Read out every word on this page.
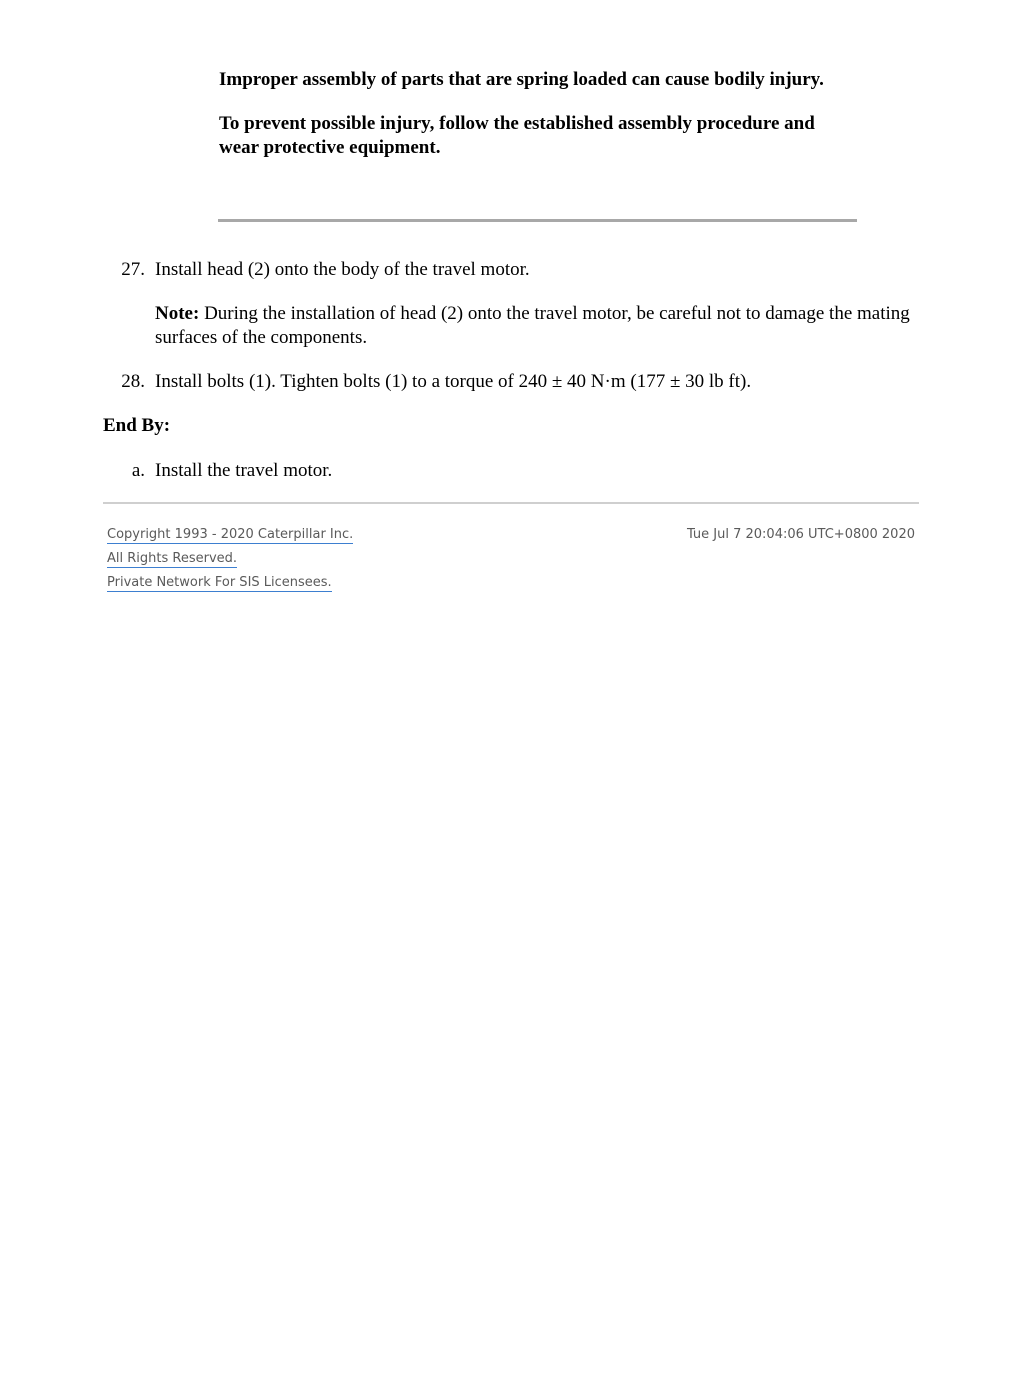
Improper assembly of parts that are spring loaded can cause bodily injury.

To prevent possible injury, follow the established assembly procedure and wear protective equipment.

27. Install head (2) onto the body of the travel motor.

Note: During the installation of head (2) onto the travel motor, be careful not to damage the mating surfaces of the components.

28. Install bolts (1). Tighten bolts (1) to a torque of 240 ± 40 N·m (177 ± 30 lb ft).
End By:
a. Install the travel motor.
Copyright 1993 - 2020 Caterpillar Inc.
All Rights Reserved.
Private Network For SIS Licensees.
Tue Jul 7 20:04:06 UTC+0800 2020
